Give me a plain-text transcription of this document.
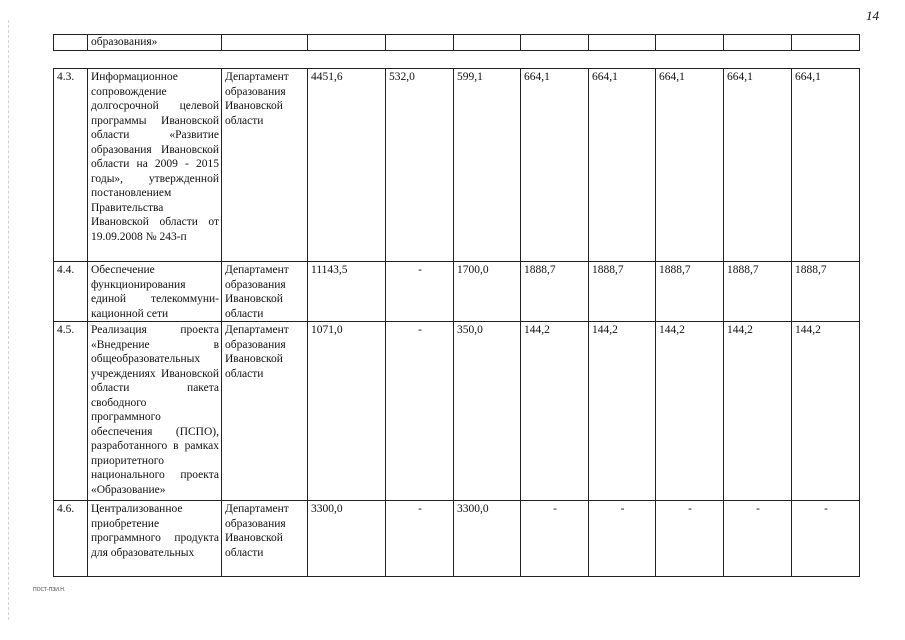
14
	образования»									
4.3.	Информационное сопровождение долгосрочной целевой программы Ивановской области «Развитие образования Ивановской области на 2009 - 2015 годы», утвержденной постановлением Правительства Ивановской области от 19.09.2008 № 243-п	Департамент образования Ивановской области	4451,6	532,0	599,1	664,1	664,1	664,1	664,1	664,1
4.4.	Обеспечение функционирования единой телекоммуни-кационной сети	Департамент образования Ивановской области	11143,5	-	1700,0	1888,7	1888,7	1888,7	1888,7	1888,7
4.5.	Реализация проекта «Внедрение в общеобразовательных учреждениях Ивановской области пакета свободного программного обеспечения (ПСПО), разработанного в рамках приоритетного национального проекта «Образование»	Департамент образования Ивановской области	1071,0	-	350,0	144,2	144,2	144,2	144,2	144,2
4.6.	Централизованное приобретение программного продукта для образовательных	Департамент образования Ивановской области	3300,0	-	3300,0	-	-	-	-	-
ПОСТ-ПЗИ.Н.
